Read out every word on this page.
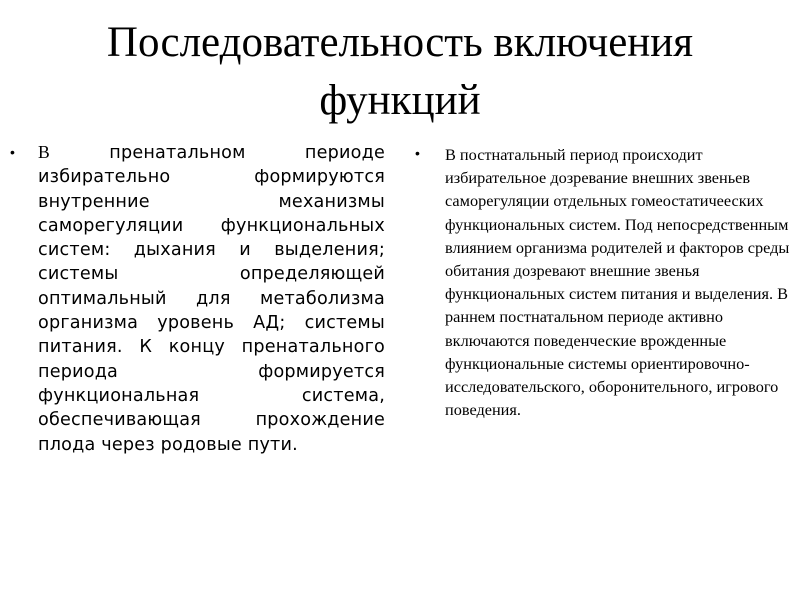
Последовательность включения
функций
• В пренатальном периоде избирательно формируются внутренние механизмы саморегуляции функциональных систем: дыхания и выделения; системы определяющей оптимальный для метаболизма организма уровень АД; системы питания. К концу пренатального периода формируется функциональная система, обеспечивающая прохождение плода через родовые пути.

• В постнатальный период происходит избирательное дозревание внешних звеньев саморегуляции отдельных гомеостатичееских функциональных систем. Под непосредственным влиянием организма родителей и факторов среды обитания дозревают внешние звенья функциональных систем питания и выделения. В раннем постнатальном периоде активно включаются поведенческие врожденные функциональные системы ориентировочно-исследовательского, оборонительного, игрового поведения.
